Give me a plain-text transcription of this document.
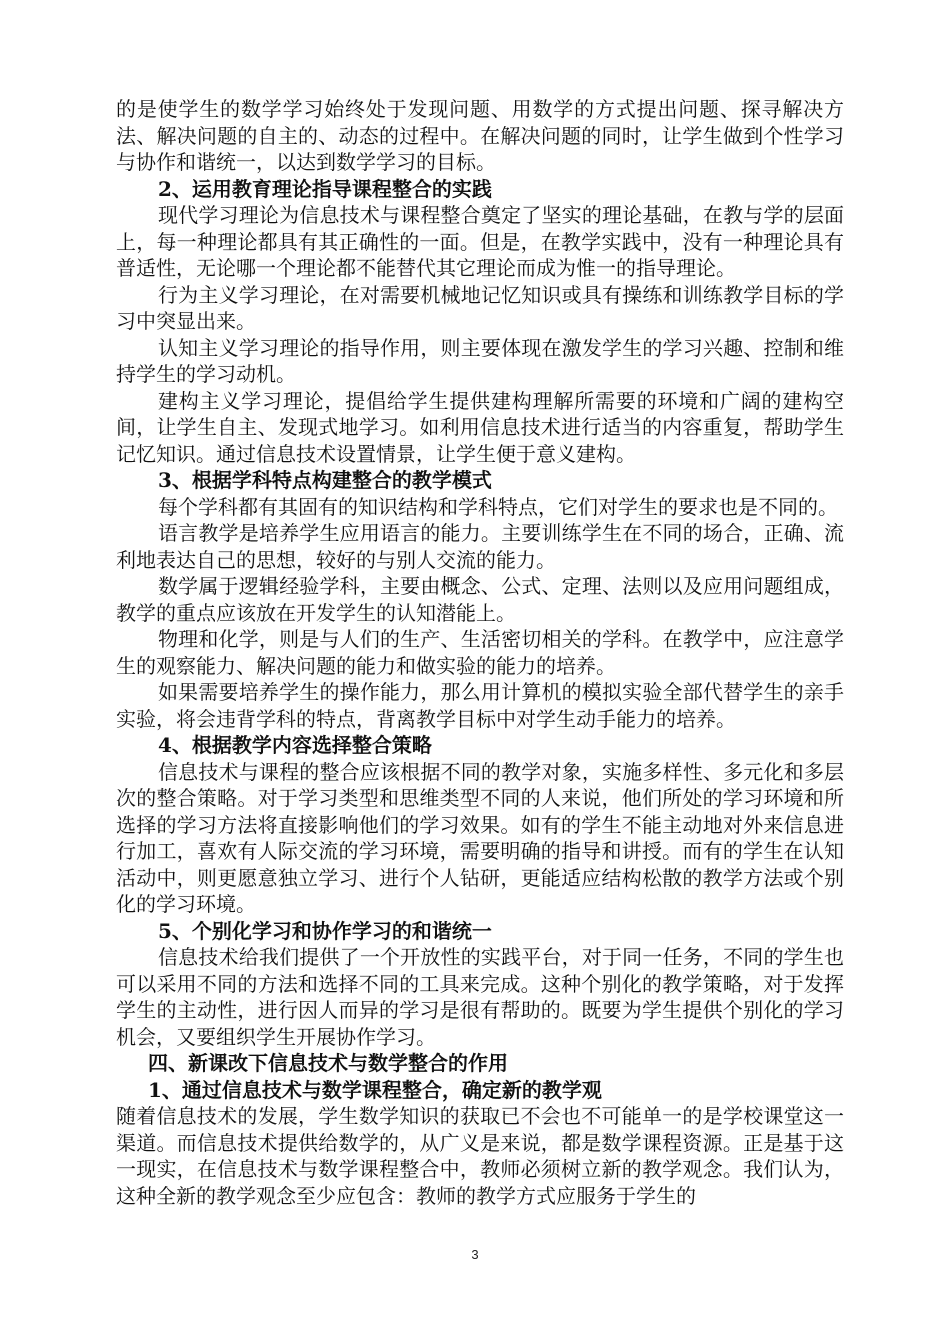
的是使学生的数学学习始终处于发现问题、用数学的方式提出问题、探寻解决方法、解决问题的自主的、动态的过程中。在解决问题的同时，让学生做到个性学习与协作和谐统一，以达到数学学习的目标。

2、运用教育理论指导课程整合的实践

现代学习理论为信息技术与课程整合奠定了坚实的理论基础，在教与学的层面上，每一种理论都具有其正确性的一面。但是，在教学实践中，没有一种理论具有普适性，无论哪一个理论都不能替代其它理论而成为惟一的指导理论。

行为主义学习理论，在对需要机械地记忆知识或具有操练和训练教学目标的学习中突显出来。

认知主义学习理论的指导作用，则主要体现在激发学生的学习兴趣、控制和维持学生的学习动机。

建构主义学习理论，提倡给学生提供建构理解所需要的环境和广阔的建构空间，让学生自主、发现式地学习。如利用信息技术进行适当的内容重复，帮助学生记忆知识。通过信息技术设置情景，让学生便于意义建构。

3、根据学科特点构建整合的教学模式

每个学科都有其固有的知识结构和学科特点，它们对学生的要求也是不同的。

语言教学是培养学生应用语言的能力。主要训练学生在不同的场合，正确、流利地表达自己的思想，较好的与别人交流的能力。

数学属于逻辑经验学科，主要由概念、公式、定理、法则以及应用问题组成，教学的重点应该放在开发学生的认知潜能上。

物理和化学，则是与人们的生产、生活密切相关的学科。在教学中，应注意学生的观察能力、解决问题的能力和做实验的能力的培养。

如果需要培养学生的操作能力，那么用计算机的模拟实验全部代替学生的亲手实验，将会违背学科的特点，背离教学目标中对学生动手能力的培养。

4、根据教学内容选择整合策略

信息技术与课程的整合应该根据不同的教学对象，实施多样性、多元化和多层次的整合策略。对于学习类型和思维类型不同的人来说，他们所处的学习环境和所选择的学习方法将直接影响他们的学习效果。如有的学生不能主动地对外来信息进行加工，喜欢有人际交流的学习环境，需要明确的指导和讲授。而有的学生在认知活动中，则更愿意独立学习、进行个人钻研，更能适应结构松散的教学方法或个别化的学习环境。

5、个别化学习和协作学习的和谐统一

信息技术给我们提供了一个开放性的实践平台，对于同一任务，不同的学生也可以采用不同的方法和选择不同的工具来完成。这种个别化的教学策略，对于发挥学生的主动性，进行因人而异的学习是很有帮助的。既要为学生提供个别化的学习机会，又要组织学生开展协作学习。

四、新课改下信息技术与数学整合的作用

1、通过信息技术与数学课程整合，确定新的教学观

随着信息技术的发展，学生数学知识的获取已不会也不可能单一的是学校课堂这一渠道。而信息技术提供给数学的，从广义是来说，都是数学课程资源。正是基于这一现实，在信息技术与数学课程整合中，教师必须树立新的教学观念。我们认为，这种全新的教学观念至少应包含：教师的教学方式应服务于学生的

3
